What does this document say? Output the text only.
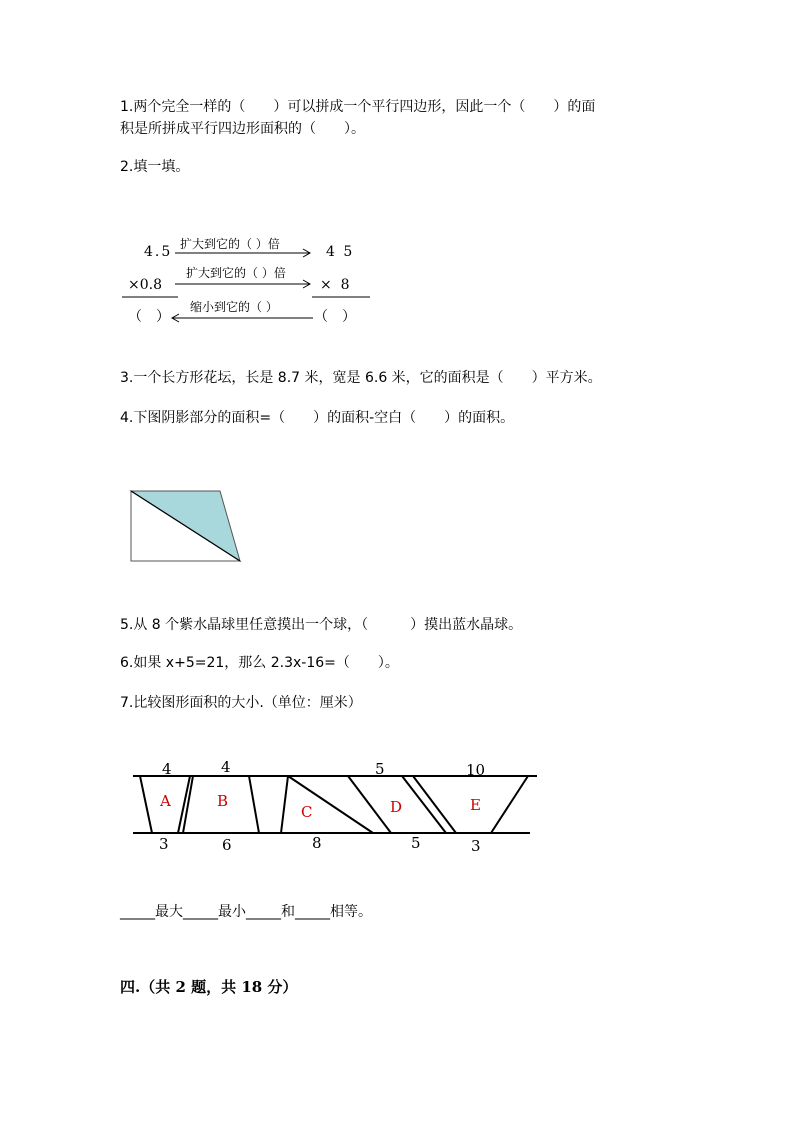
1.两个完全一样的（　　）可以拼成一个平行四边形，因此一个（　　）的面
积是所拼成平行四边形面积的（　　）。
2.填一填。
4.5	4 5
扩大到它的（ ）倍
×0.8	×  8
扩大到它的（ ）倍
缩小到它的（ ）
（　）	（　）
3.一个长方形花坛，长是 8.7 米，宽是 6.6 米，它的面积是（　　）平方米。
4.下图阴影部分的面积=（　　）的面积-空白（　　）的面积。
5.从 8 个紫水晶球里任意摸出一个球，（　　　）摸出蓝水晶球。
6.如果 x+5=21，那么 2.3x-16=（　　）。
7.比较图形面积的大小.（单位：厘米）
4	4	5	10
3	6	8	5	3
A	B
C	D	E
_____最大_____最小_____和_____相等。
四.（共 2 题，共 18 分）
